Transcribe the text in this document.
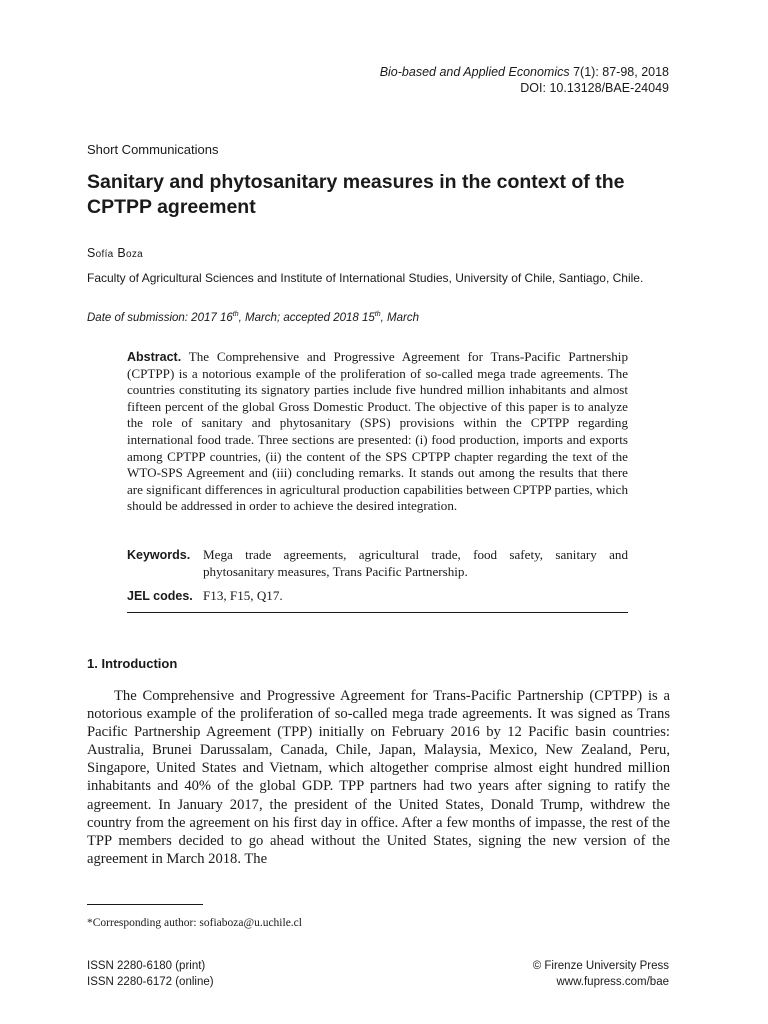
Bio-based and Applied Economics 7(1): 87-98, 2018
DOI: 10.13128/BAE-24049
Short Communications
Sanitary and phytosanitary measures in the context of the CPTPP agreement
Sofía Boza
Faculty of Agricultural Sciences and Institute of International Studies, University of Chile, Santiago, Chile.
Date of submission: 2017 16th, March; accepted 2018 15th, March
Abstract. The Comprehensive and Progressive Agreement for Trans-Pacific Partnership (CPTPP) is a notorious example of the proliferation of so-called mega trade agreements. The countries constituting its signatory parties include five hundred million inhabitants and almost fifteen percent of the global Gross Domestic Product. The objective of this paper is to analyze the role of sanitary and phytosanitary (SPS) provisions within the CPTPP regarding international food trade. Three sections are presented: (i) food production, imports and exports among CPTPP countries, (ii) the content of the SPS CPTPP chapter regarding the text of the WTO-SPS Agreement and (iii) concluding remarks. It stands out among the results that there are significant differences in agricultural production capabilities between CPTPP parties, which should be addressed in order to achieve the desired integration.
Keywords. Mega trade agreements, agricultural trade, food safety, sanitary and phytosanitary measures, Trans Pacific Partnership.
JEL codes. F13, F15, Q17.
1. Introduction
The Comprehensive and Progressive Agreement for Trans-Pacific Partnership (CPTPP) is a notorious example of the proliferation of so-called mega trade agreements. It was signed as Trans Pacific Partnership Agreement (TPP) initially on February 2016 by 12 Pacific basin countries: Australia, Brunei Darussalam, Canada, Chile, Japan, Malaysia, Mexico, New Zealand, Peru, Singapore, United States and Vietnam, which altogether comprise almost eight hundred million inhabitants and 40% of the global GDP. TPP partners had two years after signing to ratify the agreement. In January 2017, the president of the United States, Donald Trump, withdrew the country from the agreement on his first day in office. After a few months of impasse, the rest of the TPP members decided to go ahead without the United States, signing the new version of the agreement in March 2018. The
*Corresponding author: sofiaboza@u.uchile.cl
ISSN 2280-6180 (print)
ISSN 2280-6172 (online)
© Firenze University Press
www.fupress.com/bae
